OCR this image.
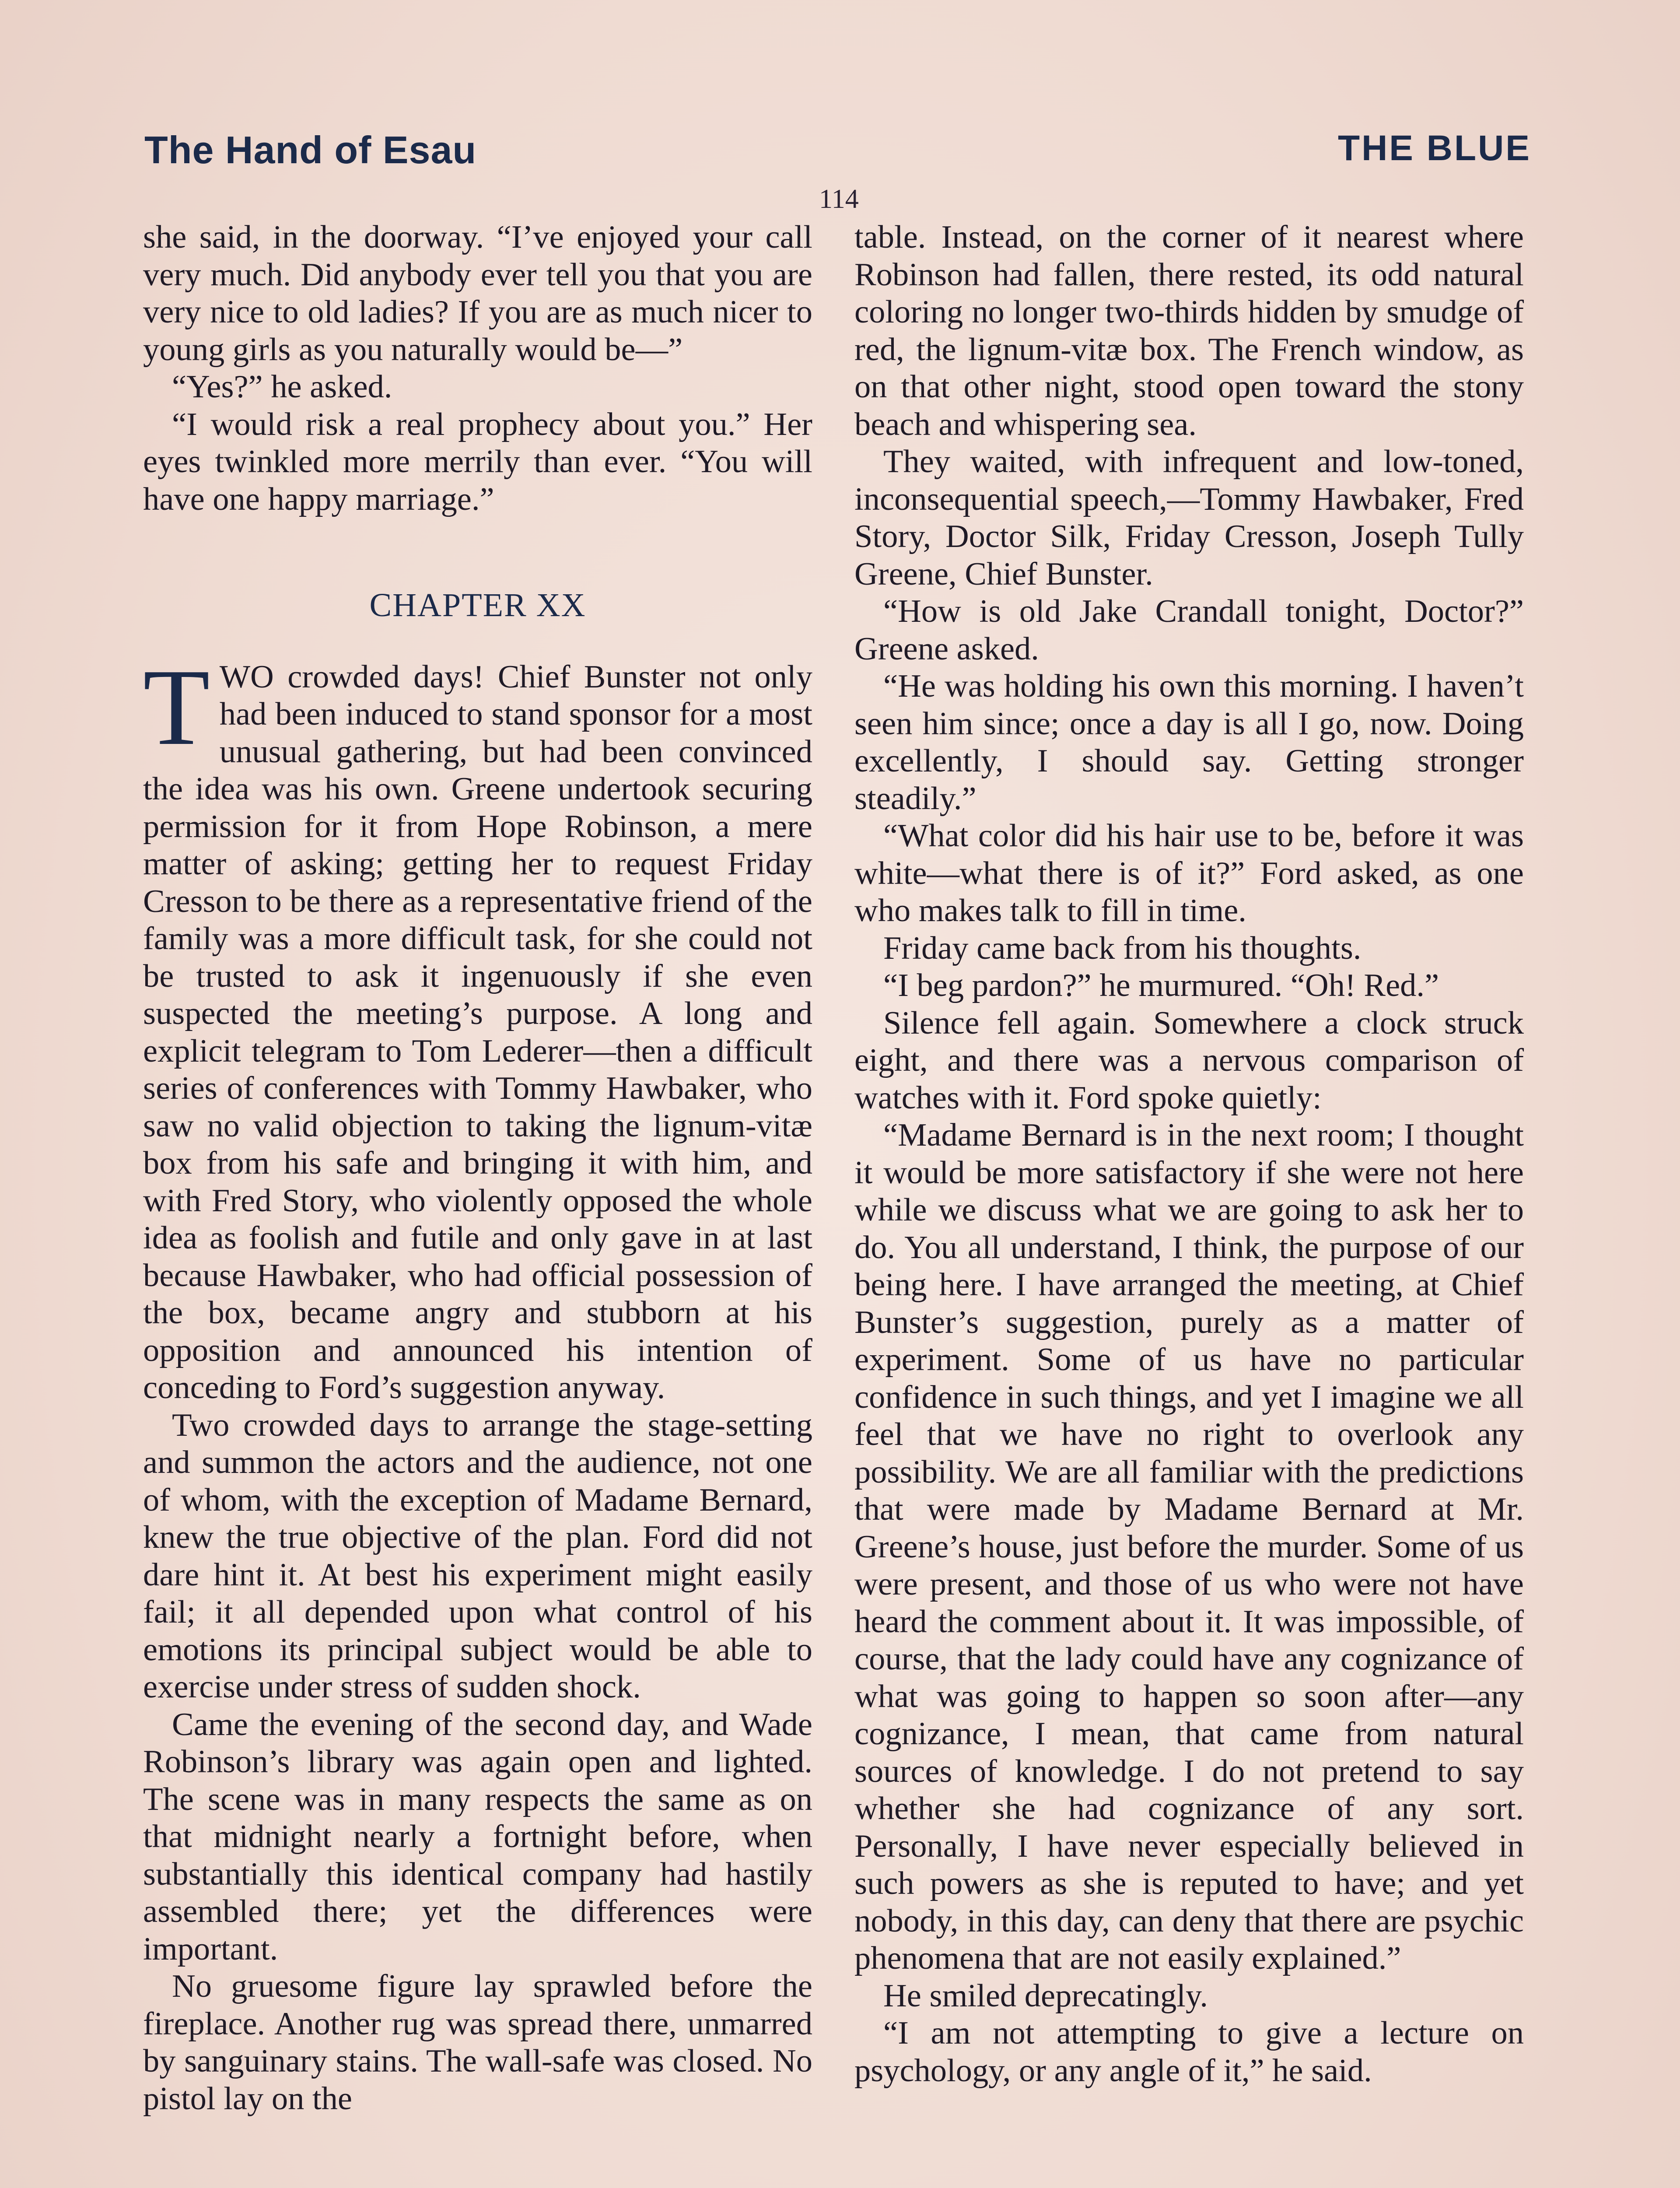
The Hand of Esau	THE BLUE
114

she said, in the doorway. “I’ve enjoyed your call very much. Did anybody ever tell you that you are very nice to old ladies? If you are as much nicer to young girls as you naturally would be—”

“Yes?” he asked.

“I would risk a real prophecy about you.” Her eyes twinkled more merrily than ever. “You will have one happy marriage.”

CHAPTER XX

T WO crowded days! Chief Bunster not only had been induced to stand sponsor for a most unusual gathering, but had been convinced the idea was his own. Greene undertook securing permission for it from Hope Robinson, a mere matter of asking; getting her to request Friday Cresson to be there as a representative friend of the family was a more difficult task, for she could not be trusted to ask it ingenuously if she even suspected the meeting’s purpose. A long and explicit telegram to Tom Lederer—then a difficult series of conferences with Tommy Hawbaker, who saw no valid objection to taking the lignum-vitæ box from his safe and bringing it with him, and with Fred Story, who violently opposed the whole idea as foolish and futile and only gave in at last because Hawbaker, who had official possession of the box, became angry and stubborn at his opposition and announced his intention of conceding to Ford’s suggestion anyway.

Two crowded days to arrange the stage-setting and summon the actors and the audience, not one of whom, with the exception of Madame Bernard, knew the true objective of the plan. Ford did not dare hint it. At best his experiment might easily fail; it all depended upon what control of his emotions its principal subject would be able to exercise under stress of sudden shock.

Came the evening of the second day, and Wade Robinson’s library was again open and lighted. The scene was in many respects the same as on that midnight nearly a fortnight before, when substantially this identical company had hastily assembled there; yet the differences were important.

No gruesome figure lay sprawled before the fireplace. Another rug was spread there, unmarred by sanguinary stains. The wall-safe was closed. No pistol lay on the

table. Instead, on the corner of it nearest where Robinson had fallen, there rested, its odd natural coloring no longer two-thirds hidden by smudge of red, the lignum-vitæ box. The French window, as on that other night, stood open toward the stony beach and whispering sea.

They waited, with infrequent and low-toned, inconsequential speech,—Tommy Hawbaker, Fred Story, Doctor Silk, Friday Cresson, Joseph Tully Greene, Chief Bunster.

“How is old Jake Crandall tonight, Doctor?” Greene asked.

“He was holding his own this morning. I haven’t seen him since; once a day is all I go, now. Doing excellently, I should say. Getting stronger steadily.”

“What color did his hair use to be, before it was white—what there is of it?” Ford asked, as one who makes talk to fill in time.

Friday came back from his thoughts.

“I beg pardon?” he murmured. “Oh! Red.”

Silence fell again. Somewhere a clock struck eight, and there was a nervous comparison of watches with it. Ford spoke quietly:

“Madame Bernard is in the next room; I thought it would be more satisfactory if she were not here while we discuss what we are going to ask her to do. You all understand, I think, the purpose of our being here. I have arranged the meeting, at Chief Bunster’s suggestion, purely as a matter of experiment. Some of us have no particular confidence in such things, and yet I imagine we all feel that we have no right to overlook any possibility. We are all familiar with the predictions that were made by Madame Bernard at Mr. Greene’s house, just before the murder. Some of us were present, and those of us who were not have heard the comment about it. It was impossible, of course, that the lady could have any cognizance of what was going to happen so soon after—any cognizance, I mean, that came from natural sources of knowledge. I do not pretend to say whether she had cognizance of any sort. Personally, I have never especially believed in such powers as she is reputed to have; and yet nobody, in this day, can deny that there are psychic phenomena that are not easily explained.”

He smiled deprecatingly.

“I am not attempting to give a lecture on psychology, or any angle of it,” he said.
